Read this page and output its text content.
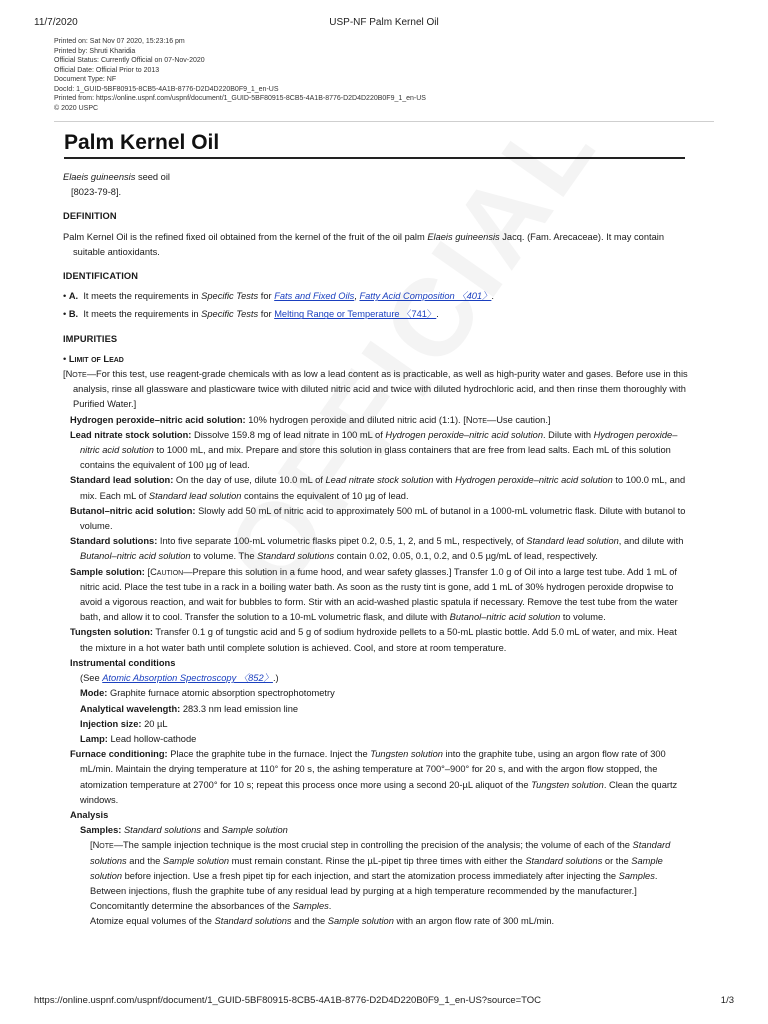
11/7/2020	USP-NF Palm Kernel Oil
Printed on: Sat Nov 07 2020, 15:23:16 pm
Printed by: Shruti Kharidia
Official Status: Currently Official on 07-Nov-2020
Official Date: Official Prior to 2013
Document Type: NF
DocId: 1_GUID-5BF80915-8CB5-4A1B-8776-D2D4D220B0F9_1_en-US
Printed from: https://online.uspnf.com/uspnf/document/1_GUID-5BF80915-8CB5-4A1B-8776-D2D4D220B0F9_1_en-US
© 2020 USPC
Palm Kernel Oil
Elaeis guineensis seed oil
[8023-79-8].
DEFINITION
Palm Kernel Oil is the refined fixed oil obtained from the kernel of the fruit of the oil palm Elaeis guineensis Jacq. (Fam. Arecaceae). It may contain suitable antioxidants.
IDENTIFICATION
• A. It meets the requirements in Specific Tests for Fats and Fixed Oils, Fatty Acid Composition 〈401〉.
• B. It meets the requirements in Specific Tests for Melting Range or Temperature 〈741〉.
IMPURITIES
• Limit of Lead
[Note—For this test, use reagent-grade chemicals with as low a lead content as is practicable, as well as high-purity water and gases. Before use in this analysis, rinse all glassware and plasticware twice with diluted nitric acid and twice with diluted hydrochloric acid, and then rinse them thoroughly with Purified Water.]
Hydrogen peroxide–nitric acid solution: 10% hydrogen peroxide and diluted nitric acid (1:1). [Note—Use caution.]
Lead nitrate stock solution: Dissolve 159.8 mg of lead nitrate in 100 mL of Hydrogen peroxide–nitric acid solution. Dilute with Hydrogen peroxide–nitric acid solution to 1000 mL, and mix. Prepare and store this solution in glass containers that are free from lead salts. Each mL of this solution contains the equivalent of 100 µg of lead.
Standard lead solution: On the day of use, dilute 10.0 mL of Lead nitrate stock solution with Hydrogen peroxide–nitric acid solution to 100.0 mL, and mix. Each mL of Standard lead solution contains the equivalent of 10 µg of lead.
Butanol–nitric acid solution: Slowly add 50 mL of nitric acid to approximately 500 mL of butanol in a 1000-mL volumetric flask. Dilute with butanol to volume.
Standard solutions: Into five separate 100-mL volumetric flasks pipet 0.2, 0.5, 1, 2, and 5 mL, respectively, of Standard lead solution, and dilute with Butanol–nitric acid solution to volume. The Standard solutions contain 0.02, 0.05, 0.1, 0.2, and 0.5 µg/mL of lead, respectively.
Sample solution: [Caution—Prepare this solution in a fume hood, and wear safety glasses.] Transfer 1.0 g of Oil into a large test tube. Add 1 mL of nitric acid. Place the test tube in a rack in a boiling water bath. As soon as the rusty tint is gone, add 1 mL of 30% hydrogen peroxide dropwise to avoid a vigorous reaction, and wait for bubbles to form. Stir with an acid-washed plastic spatula if necessary. Remove the test tube from the water bath, and allow it to cool. Transfer the solution to a 10-mL volumetric flask, and dilute with Butanol–nitric acid solution to volume.
Tungsten solution: Transfer 0.1 g of tungstic acid and 5 g of sodium hydroxide pellets to a 50-mL plastic bottle. Add 5.0 mL of water, and mix. Heat the mixture in a hot water bath until complete solution is achieved. Cool, and store at room temperature.
Instrumental conditions
(See Atomic Absorption Spectroscopy 〈852〉.)
Mode: Graphite furnace atomic absorption spectrophotometry
Analytical wavelength: 283.3 nm lead emission line
Injection size: 20 µL
Lamp: Lead hollow-cathode
Furnace conditioning: Place the graphite tube in the furnace. Inject the Tungsten solution into the graphite tube, using an argon flow rate of 300 mL/min. Maintain the drying temperature at 110° for 20 s, the ashing temperature at 700°–900° for 20 s, and with the argon flow stopped, the atomization temperature at 2700° for 10 s; repeat this process once more using a second 20-µL aliquot of the Tungsten solution. Clean the quartz windows.
Analysis
Samples: Standard solutions and Sample solution
[Note—The sample injection technique is the most crucial step in controlling the precision of the analysis; the volume of each of the Standard solutions and the Sample solution must remain constant. Rinse the µL-pipet tip three times with either the Standard solutions or the Sample solution before injection. Use a fresh pipet tip for each injection, and start the atomization process immediately after injecting the Samples. Between injections, flush the graphite tube of any residual lead by purging at a high temperature recommended by the manufacturer.]
Concomitantly determine the absorbances of the Samples.
Atomize equal volumes of the Standard solutions and the Sample solution with an argon flow rate of 300 mL/min.
https://online.uspnf.com/uspnf/document/1_GUID-5BF80915-8CB5-4A1B-8776-D2D4D220B0F9_1_en-US?source=TOC	1/3
